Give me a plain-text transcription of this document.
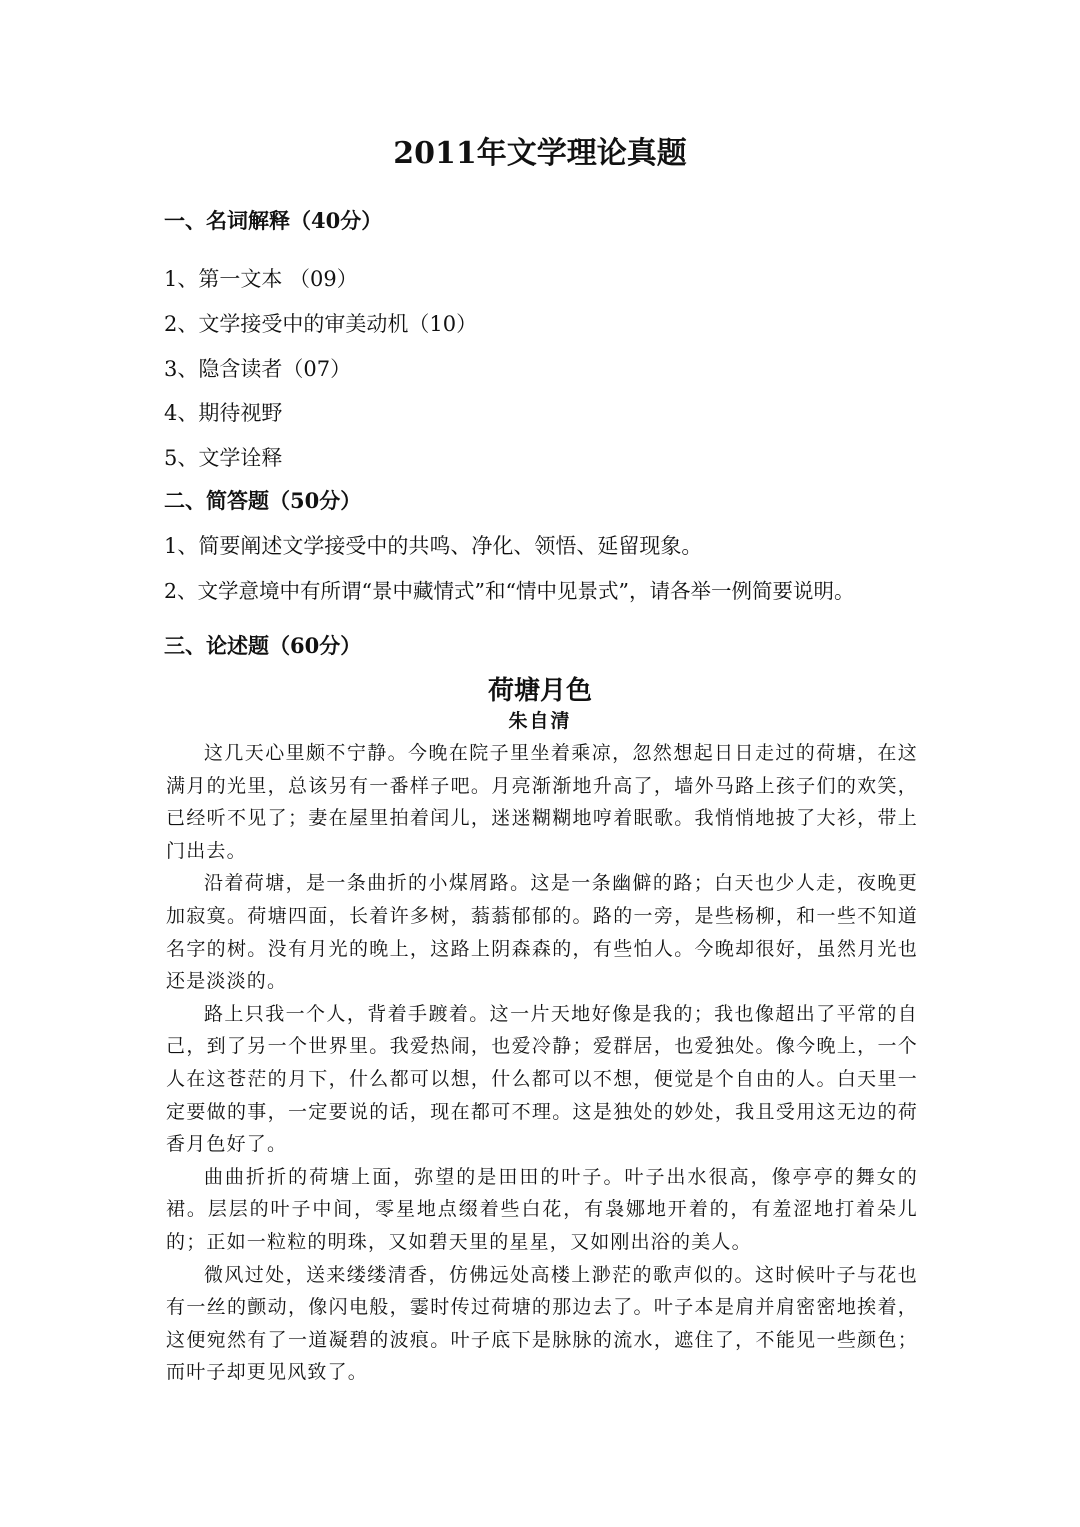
2011年文学理论真题
一、名词解释（40分）
1、第一文本 （09）
2、文学接受中的审美动机（10）
3、隐含读者（07）
4、期待视野
5、文学诠释
二、简答题（50分）
1、简要阐述文学接受中的共鸣、净化、领悟、延留现象。
2、文学意境中有所谓“景中藏情式”和“情中见景式”，请各举一例简要说明。
三、论述题（60分）
荷塘月色
朱自清

这几天心里颇不宁静。今晚在院子里坐着乘凉，忽然想起日日走过的荷塘，在这满月的光里，总该另有一番样子吧。月亮渐渐地升高了，墙外马路上孩子们的欢笑，已经听不见了；妻在屋里拍着闰儿，迷迷糊糊地哼着眠歌。我悄悄地披了大衫，带上门出去。

沿着荷塘，是一条曲折的小煤屑路。这是一条幽僻的路；白天也少人走，夜晚更加寂寞。荷塘四面，长着许多树，蓊蓊郁郁的。路的一旁，是些杨柳，和一些不知道名字的树。没有月光的晚上，这路上阴森森的，有些怕人。今晚却很好，虽然月光也还是淡淡的。

路上只我一个人，背着手踱着。这一片天地好像是我的；我也像超出了平常的自己，到了另一个世界里。我爱热闹，也爱冷静；爱群居，也爱独处。像今晚上，一个人在这苍茫的月下，什么都可以想，什么都可以不想，便觉是个自由的人。白天里一定要做的事，一定要说的话，现在都可不理。这是独处的妙处，我且受用这无边的荷香月色好了。

曲曲折折的荷塘上面，弥望的是田田的叶子。叶子出水很高，像亭亭的舞女的裙。层层的叶子中间，零星地点缀着些白花，有袅娜地开着的，有羞涩地打着朵儿的；正如一粒粒的明珠，又如碧天里的星星，又如刚出浴的美人。

微风过处，送来缕缕清香，仿佛远处高楼上渺茫的歌声似的。这时候叶子与花也有一丝的颤动，像闪电般，霎时传过荷塘的那边去了。叶子本是肩并肩密密地挨着，这便宛然有了一道凝碧的波痕。叶子底下是脉脉的流水，遮住了，不能见一些颜色；而叶子却更见风致了。
